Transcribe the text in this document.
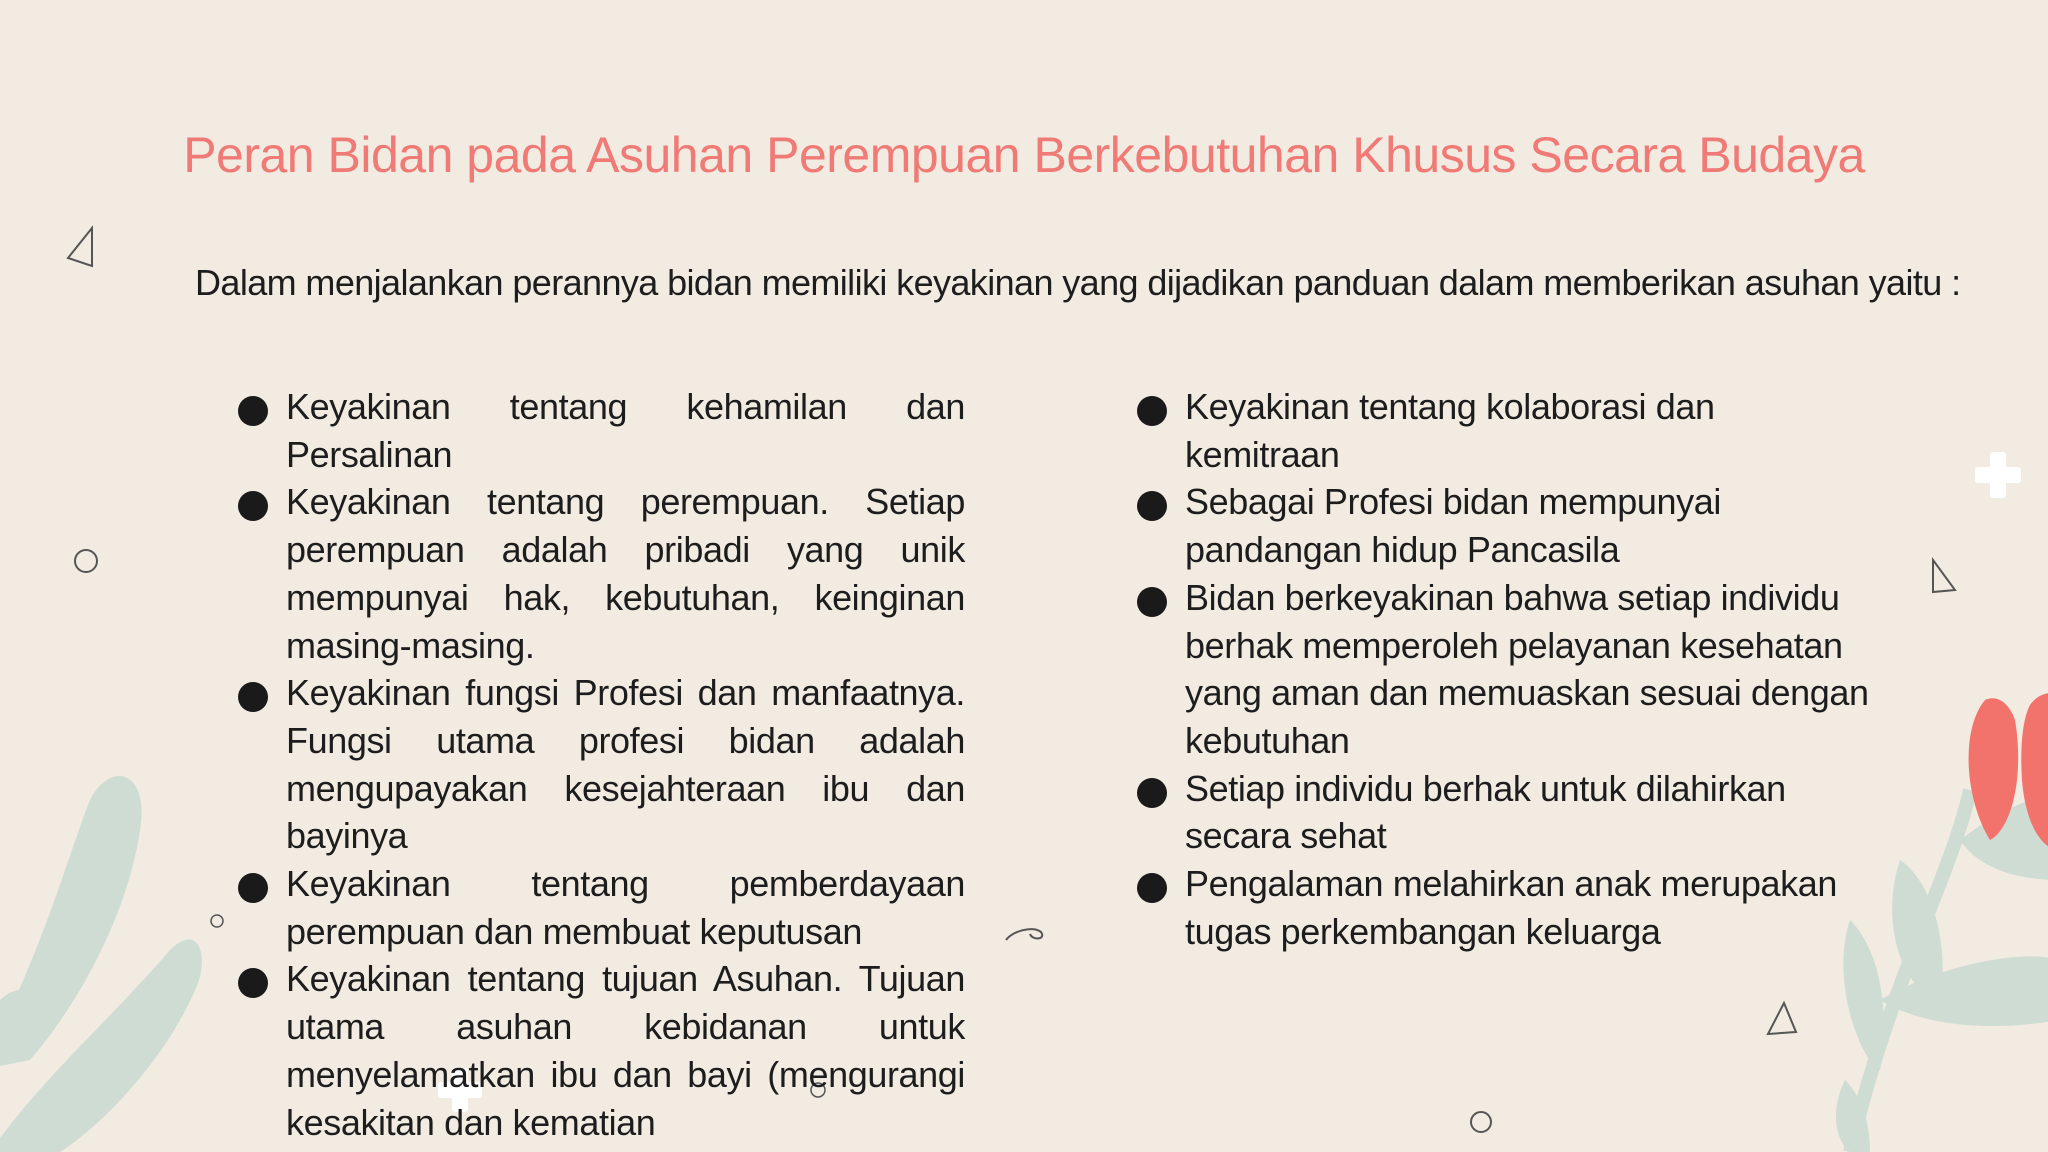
Peran Bidan pada Asuhan Perempuan Berkebutuhan Khusus Secara Budaya
Dalam menjalankan perannya bidan memiliki keyakinan yang dijadikan panduan dalam memberikan asuhan yaitu :
Keyakinan tentang kehamilan dan Persalinan
Keyakinan tentang perempuan. Setiap perempuan adalah pribadi yang unik mempunyai hak, kebutuhan, keinginan masing-masing.
Keyakinan fungsi Profesi dan manfaatnya. Fungsi utama profesi bidan adalah mengupayakan kesejahteraan ibu dan bayinya
Keyakinan tentang pemberdayaan perempuan dan membuat keputusan
Keyakinan tentang tujuan Asuhan. Tujuan utama asuhan kebidanan untuk menyelamatkan ibu dan bayi (mengurangi kesakitan dan kematian
Keyakinan tentang kolaborasi dan kemitraan
Sebagai Profesi bidan mempunyai pandangan hidup Pancasila
Bidan berkeyakinan bahwa setiap individu berhak memperoleh pelayanan kesehatan yang aman dan memuaskan sesuai dengan kebutuhan
Setiap individu berhak untuk dilahirkan secara sehat
Pengalaman melahirkan anak merupakan tugas perkembangan keluarga
